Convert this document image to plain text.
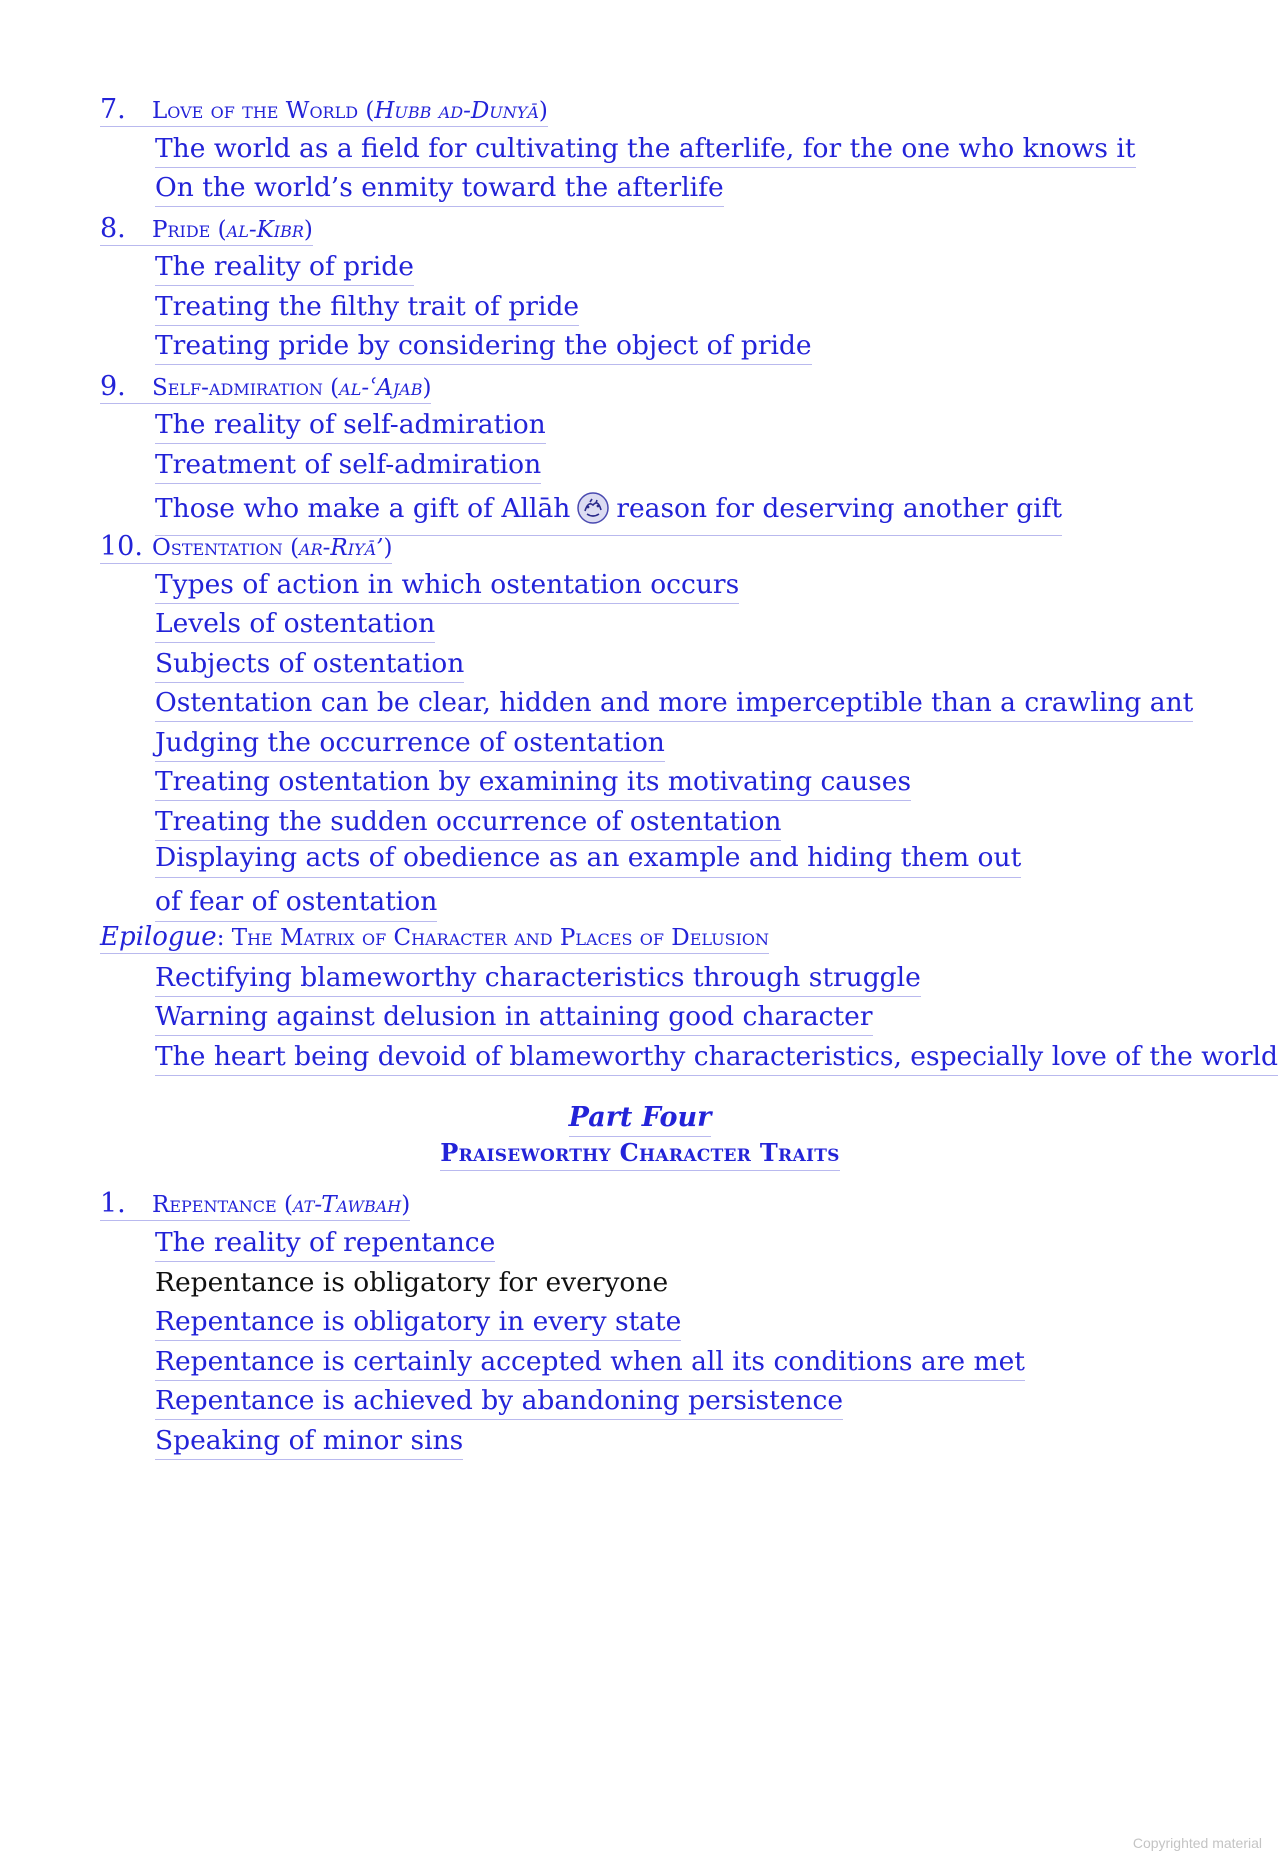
7. Love of the World (Hubb ad-Dunyā)
The world as a field for cultivating the afterlife, for the one who knows it
On the world’s enmity toward the afterlife
8. Pride (al-Kibr)
The reality of pride
Treating the filthy trait of pride
Treating pride by considering the object of pride
9. Self-admiration (al-ʿAjab)
The reality of self-admiration
Treatment of self-admiration
Those who make a gift of Allāh reason for deserving another gift
10. Ostentation (ar-Riyā’)
Types of action in which ostentation occurs
Levels of ostentation
Subjects of ostentation
Ostentation can be clear, hidden and more imperceptible than a crawling ant
Judging the occurrence of ostentation
Treating ostentation by examining its motivating causes
Treating the sudden occurrence of ostentation
Displaying acts of obedience as an example and hiding them out of fear of ostentation
Epilogue: The Matrix of Character and Places of Delusion
Rectifying blameworthy characteristics through struggle
Warning against delusion in attaining good character
The heart being devoid of blameworthy characteristics, especially love of the world
Part Four
Praiseworthy Character Traits
1. Repentance (at-Tawbah)
The reality of repentance
Repentance is obligatory for everyone
Repentance is obligatory in every state
Repentance is certainly accepted when all its conditions are met
Repentance is achieved by abandoning persistence
Speaking of minor sins
Copyrighted material
